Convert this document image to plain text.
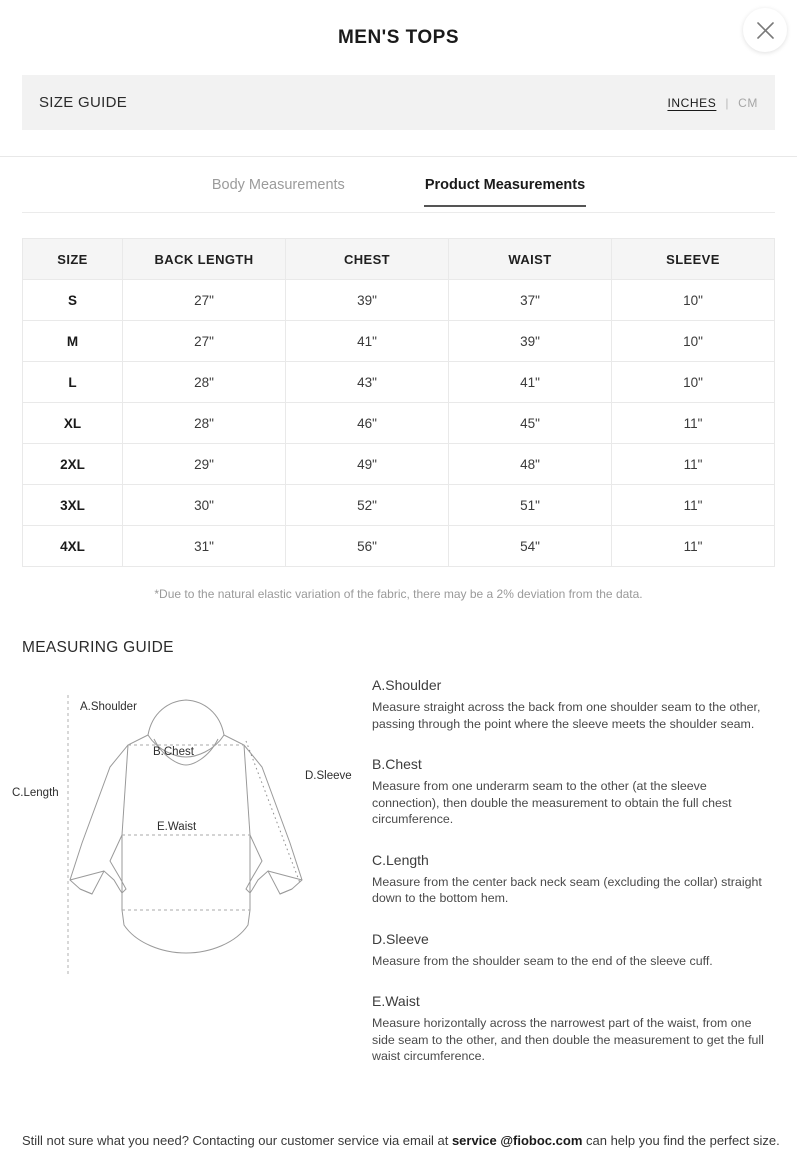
MEN'S TOPS
SIZE GUIDE	INCHES | CM
Body Measurements	Product Measurements
SIZE	BACK LENGTH	CHEST	WAIST	SLEEVE
S	27"	39"	37"	10"
M	27"	41"	39"	10"
L	28"	43"	41"	10"
XL	28"	46"	45"	11"
2XL	29"	49"	48"	11"
3XL	30"	52"	51"	11"
4XL	31"	56"	54"	11"
*Due to the natural elastic variation of the fabric, there may be a 2% deviation from the data.
MEASURING GUIDE
A.Shoulder
B.Chest
C.Length
D.Sleeve
E.Waist
A.Shoulder

Measure straight across the back from one shoulder seam to the other, passing through the point where the sleeve meets the shoulder seam.

B.Chest

Measure from one underarm seam to the other (at the sleeve connection), then double the measurement to obtain the full chest circumference.

C.Length

Measure from the center back neck seam (excluding the collar) straight down to the bottom hem.

D.Sleeve

Measure from the shoulder seam to the end of the sleeve cuff.

E.Waist

Measure horizontally across the narrowest part of the waist, from one side seam to the other, and then double the measurement to get the full waist circumference.

Still not sure what you need? Contacting our customer service via email at service @fioboc.com can help you find the perfect size.
